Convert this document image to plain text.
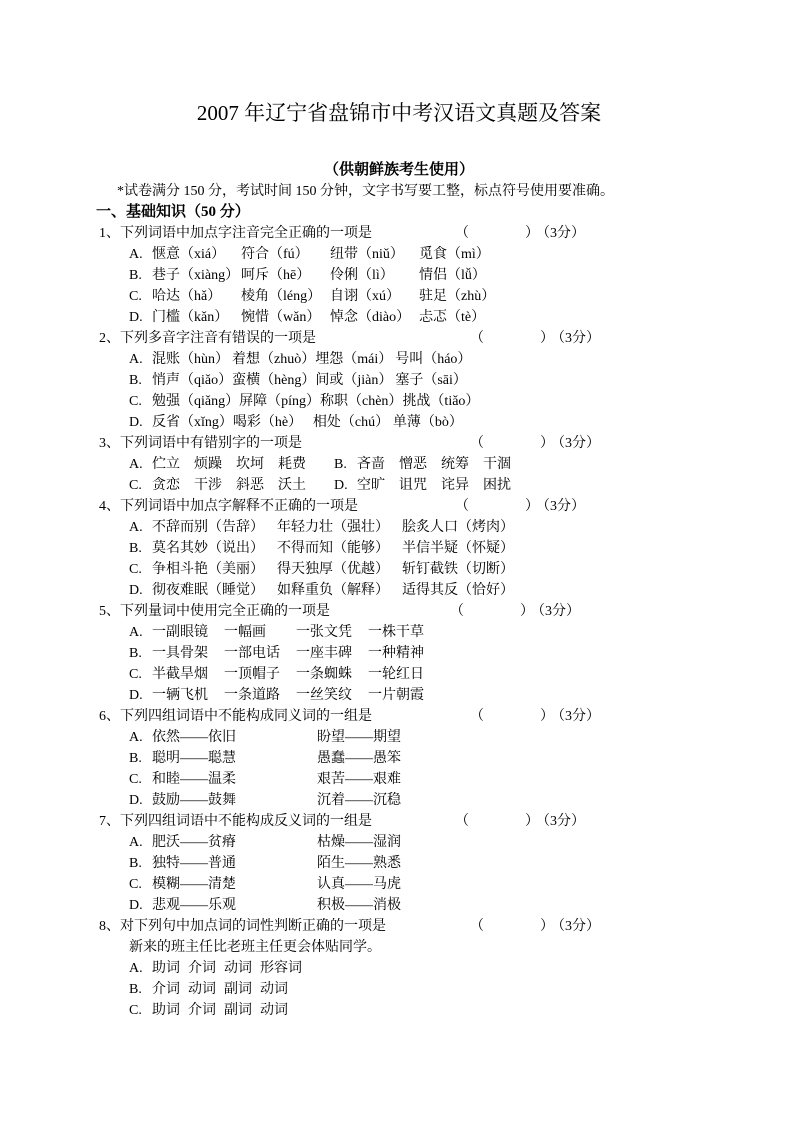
2007 年辽宁省盘锦市中考汉语文真题及答案
（供朝鲜族考生使用）
*试卷满分 150 分，考试时间 150 分钟，文字书写要工整，标点符号使用要准确。
一、基础知识（50 分）
1、下列词语中加点字注音完全正确的一项是	（　　　　） （3分）
A. 惬意（xiá） 符合（fú） 纽带（niǔ） 觅食（mì）
B. 巷子（xiàng） 呵斥（hē） 伶俐（lì） 情侣（lǚ）
C. 哈达（hǎ） 棱角（léng） 自诩（xú） 驻足（zhù）
D. 门槛（kǎn） 惋惜（wǎn） 悼念（diào） 忐忑（tè）
2、下列多音字注音有错误的一项是	（　　　　） （3分）
A. 混账（hùn） 着想（zhuò）埋怨（mái） 号叫（háo）
B. 悄声（qiǎo）蛮横（hèng）间或（jiàn） 塞子（sāi）
C. 勉强（qiǎng）屏障（píng）称职（chèn）挑战（tiǎo）
D. 反省（xǐng）喝彩（hè） 相处（chú） 单薄（bò）
3、下列词语中有错别字的一项是	（　　　　） （3分）
A. 伫立　烦躁　坎坷　耗费 B. 吝啬　憎恶　统筹　干涸
C. 贪恋　干涉　斜恶　沃土 D. 空旷　诅咒　诧异　困扰
4、下列词语中加点字解释不正确的一项是	（　　　　） （3分）
A. 不辞而别（告辞） 年轻力壮（强壮） 脍炙人口（烤肉）
B. 莫名其妙（说出） 不得而知（能够） 半信半疑（怀疑）
C. 争相斗艳（美丽） 得天独厚（优越） 斩钉截铁（切断）
D. 彻夜难眠（睡觉） 如释重负（解释） 适得其反（恰好）
5、下列量词中使用完全正确的一项是	（　　　　） （3分）
A. 一副眼镜 一幅画 一张文凭 一株干草
B. 一具骨架 一部电话 一座丰碑 一种精神
C. 半截旱烟 一顶帽子 一条蜘蛛 一轮红日
D. 一辆飞机 一条道路 一丝笑纹 一片朝霞
6、下列四组词语中不能构成同义词的一组是	（　　　　） （3分）
A. 依然——依旧	盼望——期望
B. 聪明——聪慧	愚蠢——愚笨
C. 和睦——温柔	艰苦——艰难
D. 鼓励——鼓舞	沉着——沉稳
7、下列四组词语中不能构成反义词的一组是	（　　　　） （3分）
A. 肥沃——贫瘠	枯燥——湿润
B. 独特——普通	陌生——熟悉
C. 模糊——清楚	认真——马虎
D. 悲观——乐观	积极——消极
8、对下列句中加点词的词性判断正确的一项是	（　　　　） （3分）
新来的班主任比老班主任更会体贴同学。
A. 助词 介词 动词 形容词
B. 介词 动词 副词 动词
C. 助词 介词 副词 动词
